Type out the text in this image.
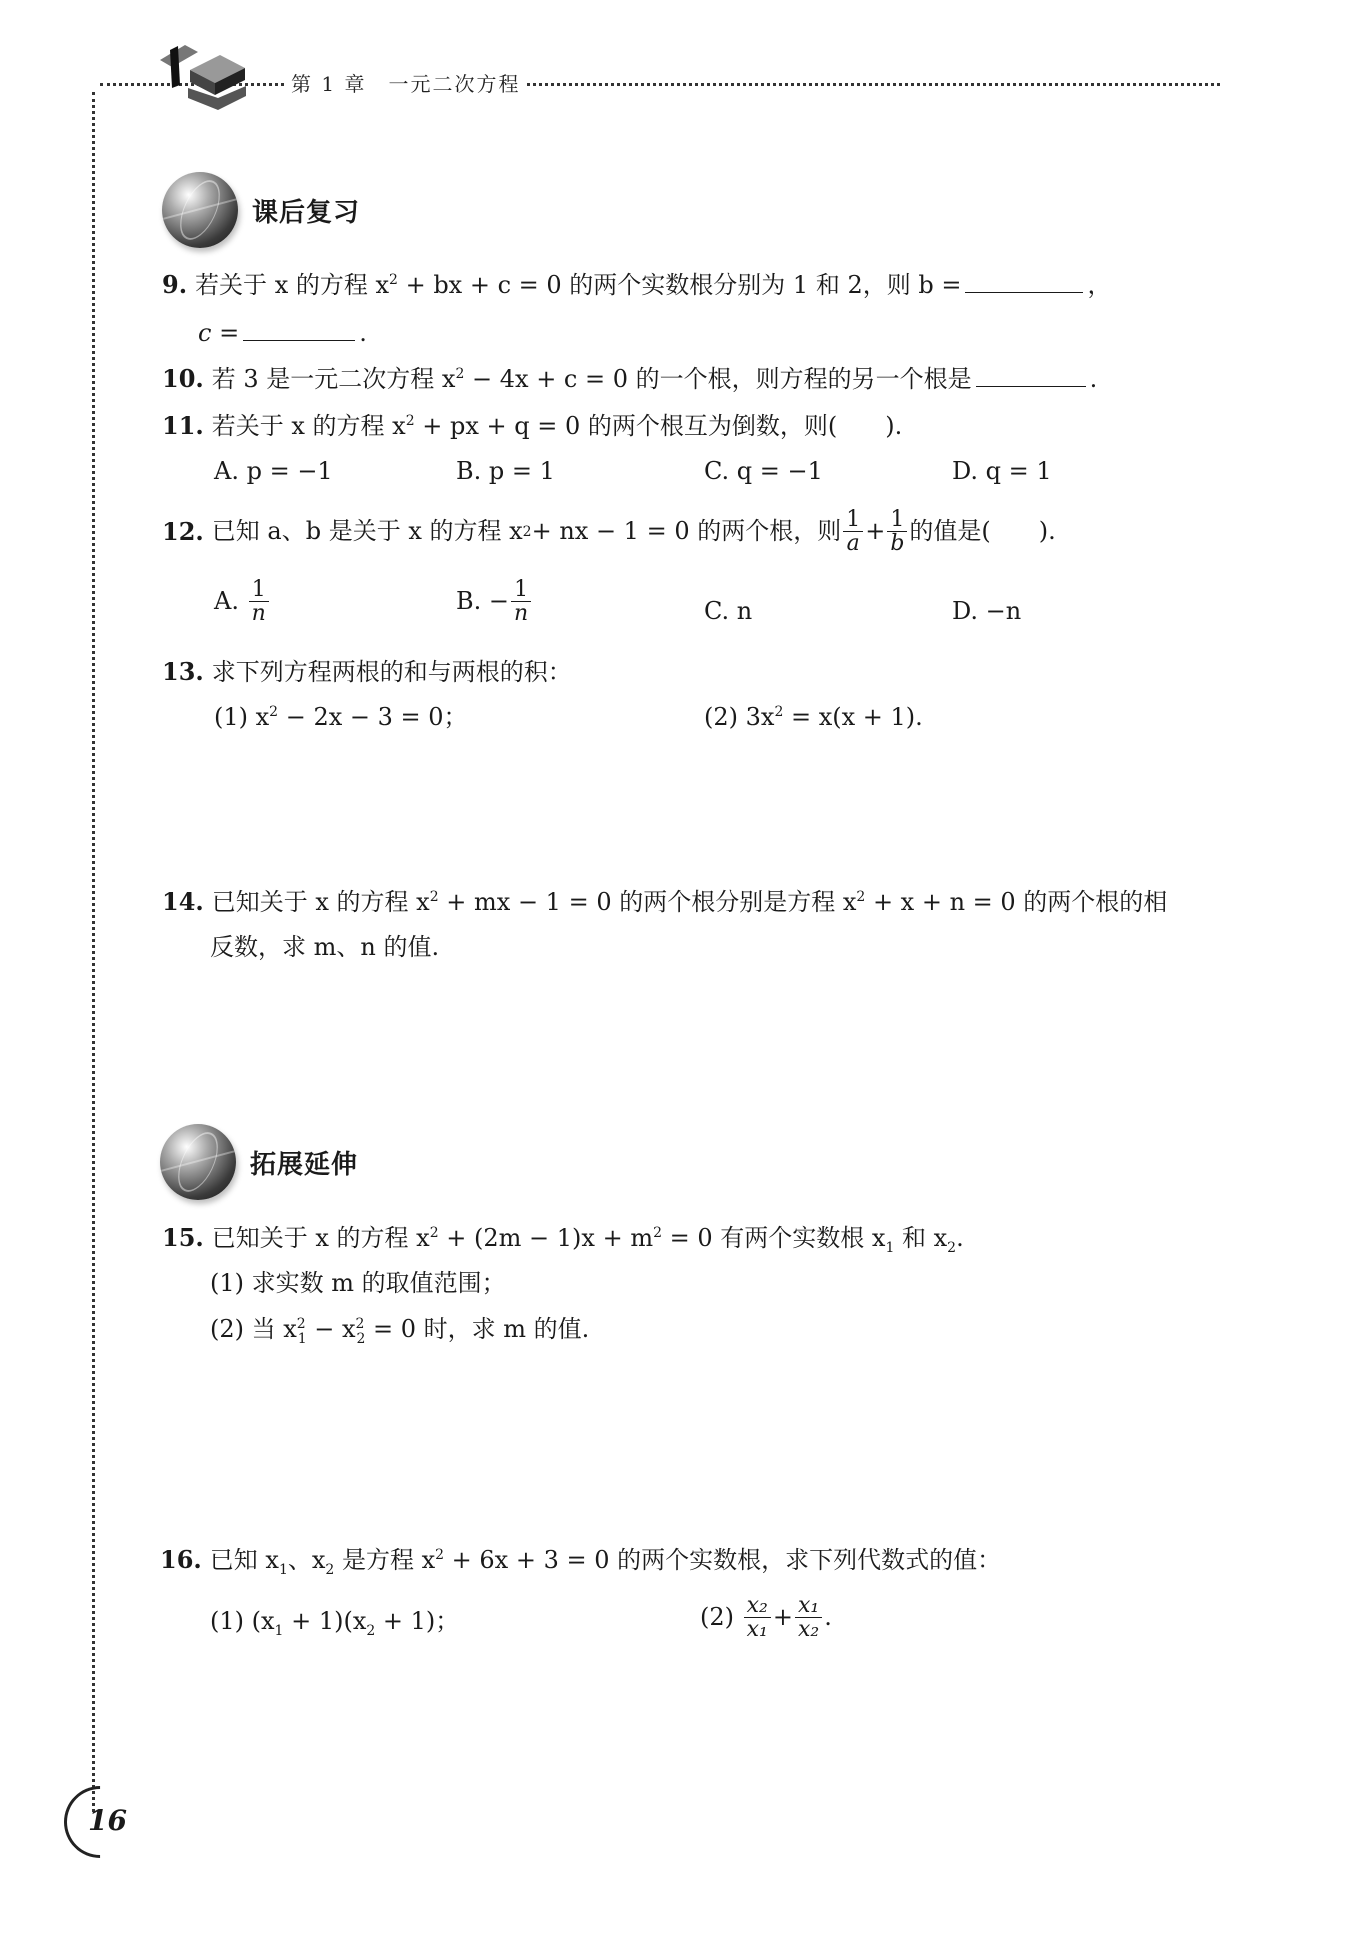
第 1 章　一元二次方程
课后复习
9. 若关于 x 的方程 $x^2$ + bx + c = 0 的两个实数根分别为 1 和 2，则 b =	，
c =	.
10. 若 3 是一元二次方程 $x^2 - 4x + c = 0$ 的一个根，则方程的另一个根是	.
11. 若关于 x 的方程 $x^2$ + px + q = 0 的两个根互为倒数，则(　　).
A. p = −1	B. p = 1	C. q = −1	D. q = 1
12. 已知 a、b 是关于 x 的方程 x 2 + nx − 1 = 0 的两个根，则 $\frac{1}{a} + \frac{1}{b}$ 的值是(　　).
A.
$\frac{1}{n}$	B. − $\frac{1}{n}$	C. n	D. −n
13. 求下列方程两根的和与两根的积：
(1) $x^2 - 2x - 3 = 0$；	(2) $3x^2 = x(x + 1)$.
14. 已知关于 x 的方程 $x^2$ + mx − 1 = 0 的两个根分别是方程 $x^2 + x + n = 0$ 的两个根的相
反数，求 m、n 的值.
拓展延伸
15. 已知关于 x 的方程 $x^2 + (2m - 1)x + m^2 = 0$ 有两个实数根 $x_1$ 和 $x_2$.
(1) 求实数 m 的取值范围；
(2) 当 $x^2_1 - x^2_2 = 0$ 时，求 m 的值.
16. 已知 $x_1$、$x_2$ 是方程 $x^2 + 6x + 3 = 0$ 的两个实数根，求下列代数式的值：
(1) $(x_1 + 1)(x_2 + 1)$；	(2)
$\frac{\text{x₂}}{\text{x₁}} + \frac{\text{x₁}}{\text{x₂}}$ .
16
